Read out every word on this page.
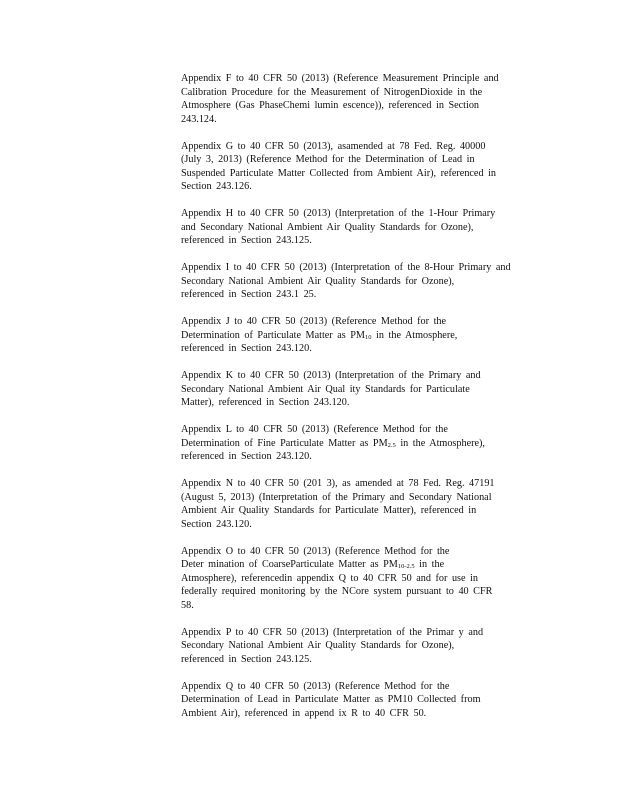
Appendix F to 40 CFR 50 (2013) (Reference Measurement Principle and
Calibration Procedure for the Measurement of NitrogenDioxide in the
Atmosphere (Gas PhaseChemi lumin escence)), referenced in Section
243.124.

Appendix G to 40 CFR 50 (2013), asamended at 78 Fed. Reg. 40000
(July 3, 2013) (Reference Method for the Determination of Lead in
Suspended Particulate Matter Collected from Ambient Air), referenced in
Section 243.126.

Appendix H to 40 CFR 50 (2013) (Interpretation of the 1-Hour Primary
and Secondary National Ambient Air Quality Standards for Ozone),
referenced in Section 243.125.

Appendix I to 40 CFR 50 (2013) (Interpretation of the 8-Hour Primary and
Secondary National Ambient Air Quality Standards for Ozone),
referenced in Section 243.1 25.

Appendix J to 40 CFR 50 (2013) (Reference Method for the
Determination of Particulate Matter as $PM_{10}$ in the Atmosphere,
referenced in Section 243.120.

Appendix K to 40 CFR 50 (2013) (Interpretation of the Primary and
Secondary National Ambient Air Qual ity Standards for Particulate
Matter), referenced in Section 243.120.

Appendix L to 40 CFR 50 (2013) (Reference Method for the
Determination of Fine Particulate Matter as $PM_{2.5}$ in the Atmosphere),
referenced in Section 243.120.

Appendix N to 40 CFR 50 (201 3), as amended at 78 Fed. Reg. 47191
(August 5, 2013) (Interpretation of the Primary and Secondary National
Ambient Air Quality Standards for Particulate Matter), referenced in
Section 243.120.

Appendix O to 40 CFR 50 (2013) (Reference Method for the
Deter mination of CoarseParticulate Matter as $PM_{10-2.5}$ in the
Atmosphere), referencedin appendix Q to 40 CFR 50 and for use in
federally required monitoring by the NCore system pursuant to 40 CFR
58.

Appendix P to 40 CFR 50 (2013) (Interpretation of the Primar y and
Secondary National Ambient Air Quality Standards for Ozone),
referenced in Section 243.125.

Appendix Q to 40 CFR 50 (2013) (Reference Method for the
Determination of Lead in Particulate Matter as PM10 Collected from
Ambient Air), referenced in append ix R to 40 CFR 50.
